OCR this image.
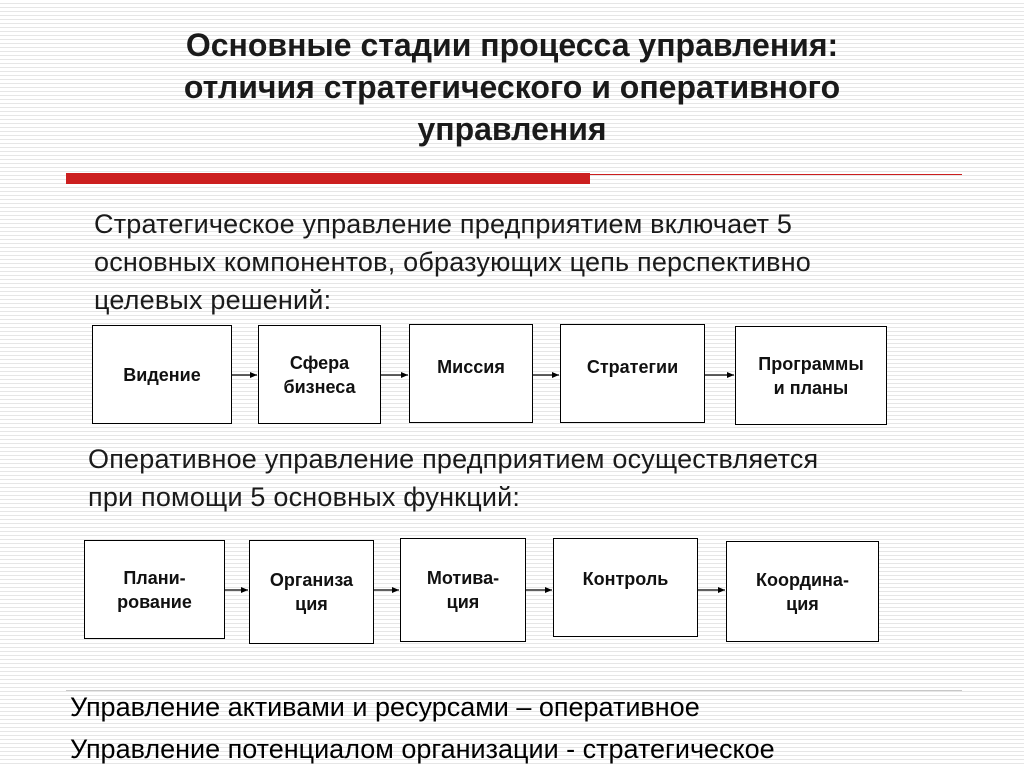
Основные стадии процесса управления:
отличия стратегического и оперативного
управления

Стратегическое управление предприятием включает 5
основных компонентов, образующих цепь перспективно
целевых решений:

Видение
Сфера
бизнеса
Миссия	Стратегии	Программы
и планы

Оперативное управление предприятием осуществляется
при помощи 5 основных функций:

Плани-
рование
Организа
ция
Мотива-
ция
Контроль	Координа-
ция
Управление активами и ресурсами – оперативное
Управление потенциалом организации - стратегическое
